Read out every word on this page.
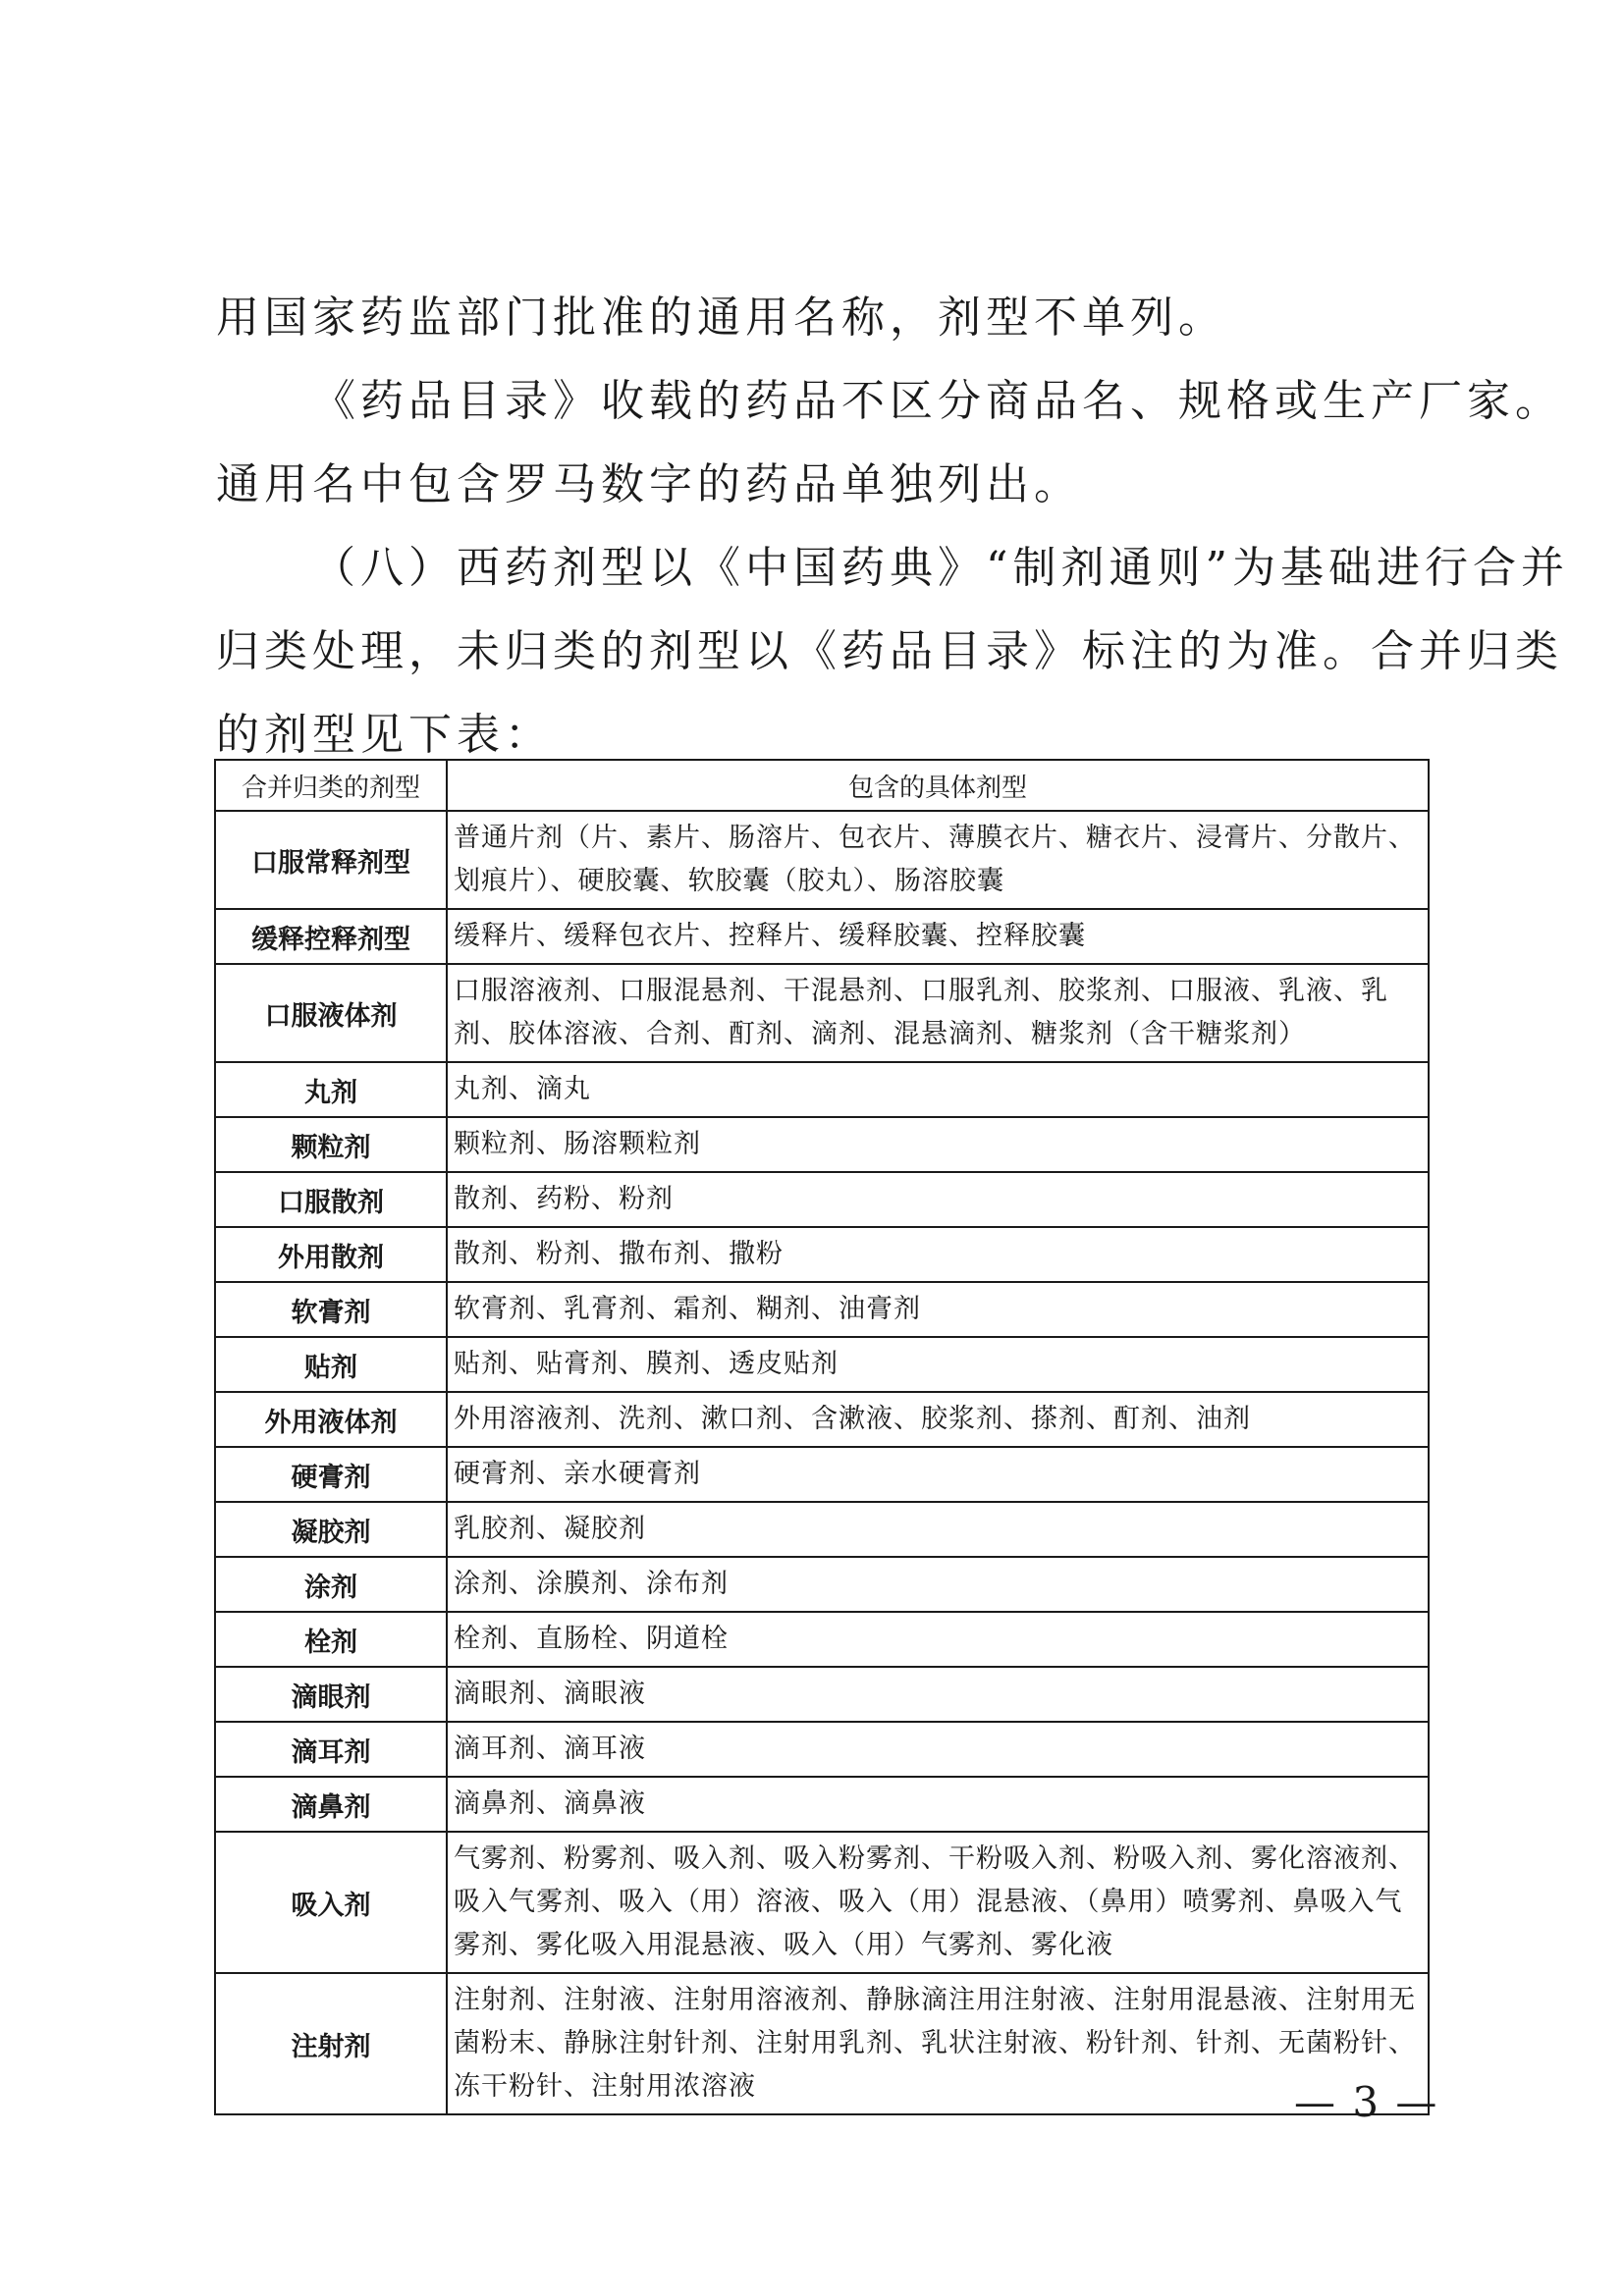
用国家药监部门批准的通用名称，剂型不单列。

《药品目录》收载的药品不区分商品名、规格或生产厂家。

通用名中包含罗马数字的药品单独列出。

（八）西药剂型以《中国药典》“制剂通则”为基础进行合并

归类处理，未归类的剂型以《药品目录》标注的为准。合并归类

的剂型见下表：

合并归类的剂型	包含的具体剂型
口服常释剂型	普通片剂（片、素片、肠溶片、包衣片、薄膜衣片、糖衣片、浸膏片、分散片、划痕片）、硬胶囊、软胶囊（胶丸）、肠溶胶囊
缓释控释剂型	缓释片、缓释包衣片、控释片、缓释胶囊、控释胶囊
口服液体剂	口服溶液剂、口服混悬剂、干混悬剂、口服乳剂、胶浆剂、口服液、乳液、乳剂、胶体溶液、合剂、酊剂、滴剂、混悬滴剂、糖浆剂（含干糖浆剂）
丸剂	丸剂、滴丸
颗粒剂	颗粒剂、肠溶颗粒剂
口服散剂	散剂、药粉、粉剂
外用散剂	散剂、粉剂、撒布剂、撒粉
软膏剂	软膏剂、乳膏剂、霜剂、糊剂、油膏剂
贴剂	贴剂、贴膏剂、膜剂、透皮贴剂
外用液体剂	外用溶液剂、洗剂、漱口剂、含漱液、胶浆剂、搽剂、酊剂、油剂
硬膏剂	硬膏剂、亲水硬膏剂
凝胶剂	乳胶剂、凝胶剂
涂剂	涂剂、涂膜剂、涂布剂
栓剂	栓剂、直肠栓、阴道栓
滴眼剂	滴眼剂、滴眼液
滴耳剂	滴耳剂、滴耳液
滴鼻剂	滴鼻剂、滴鼻液
吸入剂	气雾剂、粉雾剂、吸入剂、吸入粉雾剂、干粉吸入剂、粉吸入剂、雾化溶液剂、吸入气雾剂、吸入（用）溶液、吸入（用）混悬液、（鼻用）喷雾剂、鼻吸入气雾剂、雾化吸入用混悬液、吸入（用）气雾剂、雾化液
注射剂	注射剂、注射液、注射用溶液剂、静脉滴注用注射液、注射用混悬液、注射用无菌粉末、静脉注射针剂、注射用乳剂、乳状注射液、粉针剂、针剂、无菌粉针、冻干粉针、注射用浓溶液	— 3 —
